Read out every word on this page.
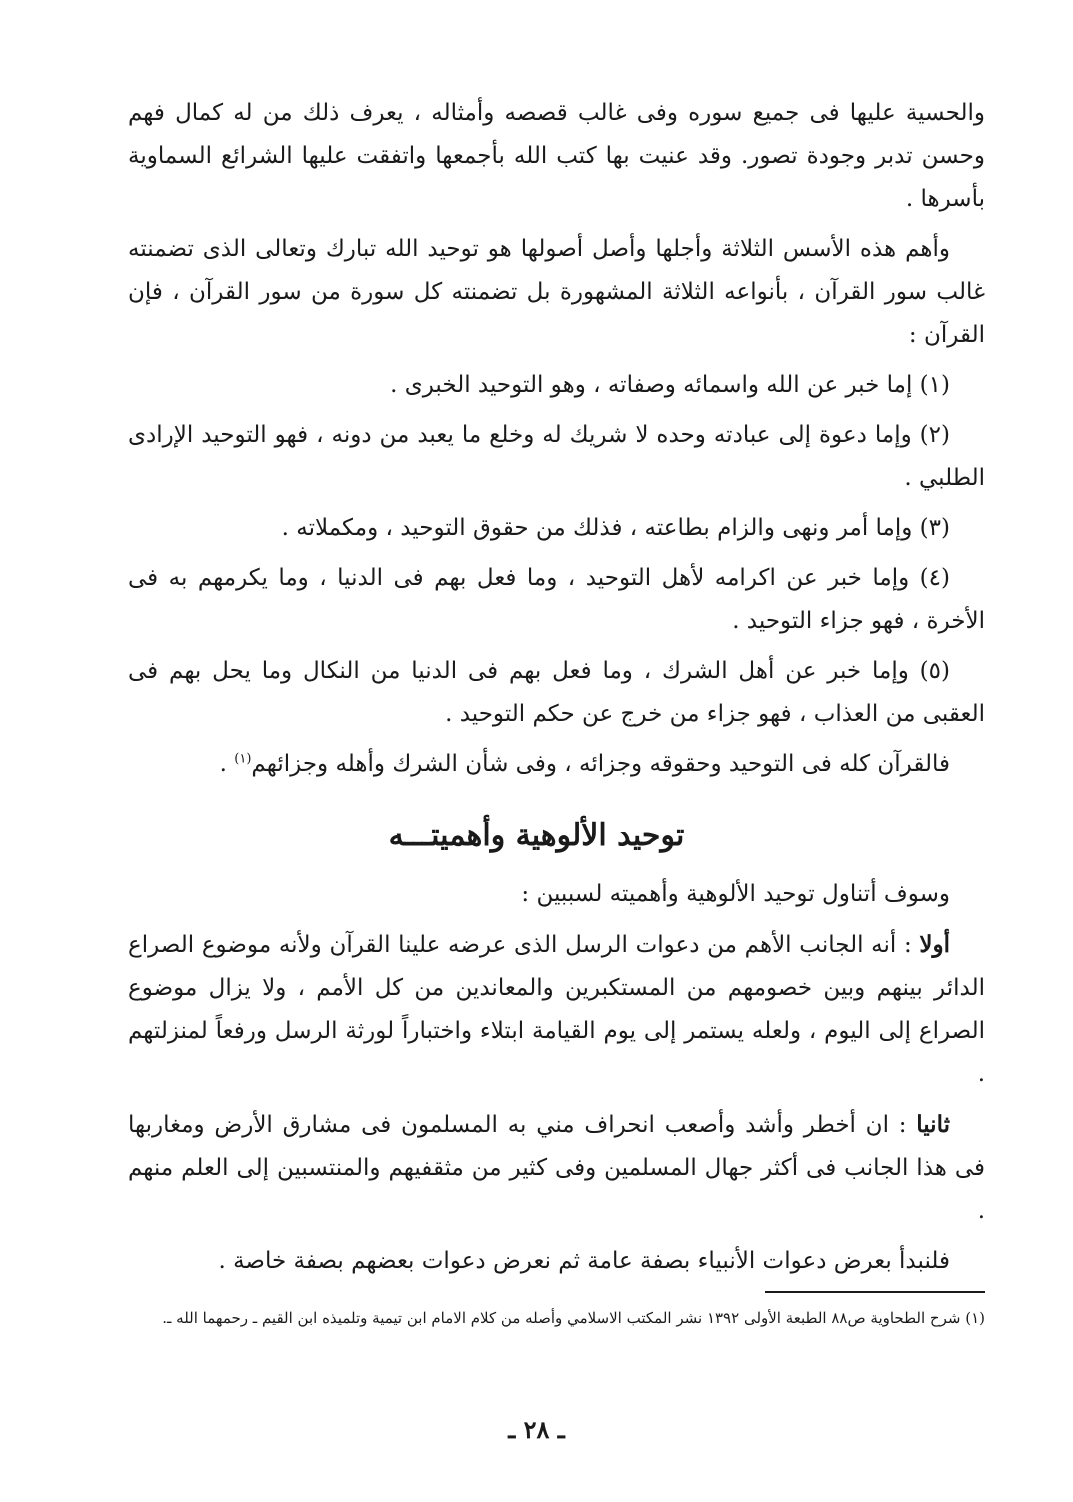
والحسية عليها فى جميع سوره وفى غالب قصصه وأمثاله ، يعرف ذلك من له كمال فهم وحسن تدبر وجودة تصور. وقد عنيت بها كتب الله بأجمعها واتفقت عليها الشرائع السماوية بأسرها .

وأهم هذه الأسس الثلاثة وأجلها وأصل أصولها هو توحيد الله تبارك وتعالى الذى تضمنته غالب سور القرآن ، بأنواعه الثلاثة المشهورة بل تضمنته كل سورة من سور القرآن ، فإن القرآن :

(١) إما خبر عن الله واسمائه وصفاته ، وهو التوحيد الخبرى .

(٢) وإما دعوة إلى عبادته وحده لا شريك له وخلع ما يعبد من دونه ، فهو التوحيد الإرادى الطلبي .

(٣) وإما أمر ونهى والزام بطاعته ، فذلك من حقوق التوحيد ، ومكملاته .

(٤) وإما خبر عن اكرامه لأهل التوحيد ، وما فعل بهم فى الدنيا ، وما يكرمهم به فى الأخرة ، فهو جزاء التوحيد .

(٥) وإما خبر عن أهل الشرك ، وما فعل بهم فى الدنيا من النكال وما يحل بهم فى العقبى من العذاب ، فهو جزاء من خرج عن حكم التوحيد .

فالقرآن كله فى التوحيد وحقوقه وجزائه ، وفى شأن الشرك وأهله وجزائهم$^{(١)}$ .

توحيد الألوهية وأهميتـــه

وسوف أتناول توحيد الألوهية وأهميته لسببين :

أولا : أنه الجانب الأهم من دعوات الرسل الذى عرضه علينا القرآن ولأنه موضوع الصراع الدائر بينهم وبين خصومهم من المستكبرين والمعاندين من كل الأمم ، ولا يزال موضوع الصراع إلى اليوم ، ولعله يستمر إلى يوم القيامة ابتلاء واختباراً لورثة الرسل ورفعاً لمنزلتهم .

ثانيا : ان أخطر وأشد وأصعب انحراف مني به المسلمون فى مشارق الأرض ومغاربها فى هذا الجانب فى أكثر جهال المسلمين وفى كثير من مثقفيهم والمنتسبين إلى العلم منهم .

فلنبدأ بعرض دعوات الأنبياء بصفة عامة ثم نعرض دعوات بعضهم بصفة خاصة .

(١) شرح الطحاوية ص٨٨ الطبعة الأولى ١٣٩٢ نشر المكتب الاسلامي وأصله من كلام الامام ابن تيمية وتلميذه ابن القيم ـ رحمهما الله ـ.
ـ ٢٨ ـ
